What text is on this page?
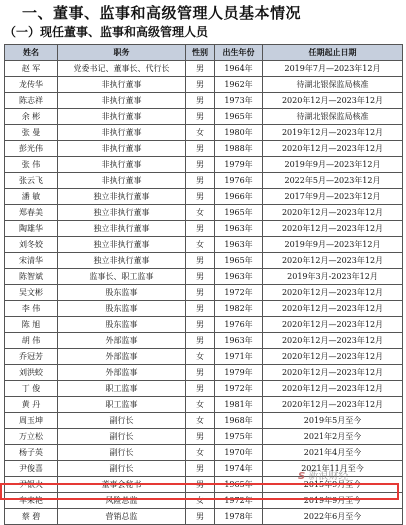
一、董事、监事和高级管理人员基本情况
（一）现任董事、监事和高级管理人员
姓名	职务	性别	出生年份	任期起止日期
赵 军	党委书记、董事长、代行长	男	1964年	2019年7月—2023年12月
龙传华	非执行董事	男	1962年	待湖北银保监局核准
陈志祥	非执行董事	男	1973年	2020年12月—2023年12月
余 彬	非执行董事	男	1965年	待湖北银保监局核准
张 曼	非执行董事	女	1980年	2019年12月—2023年12月
彭光伟	非执行董事	男	1988年	2020年12月—2023年12月
张 伟	非执行董事	男	1979年	2019年9月—2023年12月
张云飞	非执行董事	男	1976年	2022年5月—2023年12月
潘 敏	独立非执行董事	男	1966年	2017年9月—2023年12月
郑春美	独立非执行董事	女	1965年	2020年12月—2023年12月
陶雄华	独立非执行董事	男	1963年	2020年12月—2023年12月
刘冬姣	独立非执行董事	女	1963年	2019年9月—2023年12月
宋清华	独立非执行董事	男	1965年	2020年12月—2023年12月
陈智斌	监事长、职工监事	男	1963年	2019年3月-2023年12月
吴文彬	股东监事	男	1972年	2020年12月—2023年12月
李 伟	股东监事	男	1982年	2020年12月—2023年12月
陈 旭	股东监事	男	1976年	2020年12月—2023年12月
胡 伟	外部监事	男	1963年	2020年12月—2023年12月
乔冠芳	外部监事	女	1971年	2020年12月—2023年12月
刘洪蛟	外部监事	男	1979年	2020年12月—2023年12月
丁 俊	职工监事	男	1972年	2020年12月—2023年12月
黄 丹	职工监事	女	1981年	2020年12月—2023年12月
周玉坤	副行长	女	1968年	2019年5月至今
万立松	副行长	男	1975年	2021年2月至今
杨子英	副行长	女	1970年	2021年4月至今
尹俊喜	副行长	男	1974年	2021年11月至今
尹银火	董事会秘书	男	1965年	2015年9月至今
车来艳	风险总监	女	1972年	2019年9月至今
蔡 碧	营销总监	男	1978年	2022年6月至今
S 新浪财经
